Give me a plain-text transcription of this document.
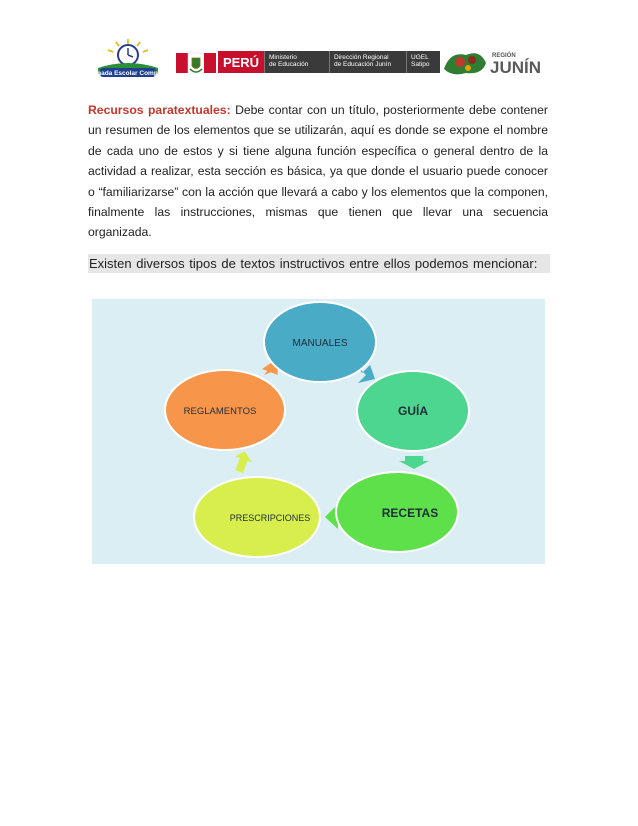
Jornada Escolar Completa
PERÚ	Ministerio
de Educación
Dirección Regional
de Educación Junín
UGEL
Satipo
REGIÓN
JUNÍN

Recursos paratextuales: Debe contar con un título, posteriormente debe contener un resumen de los elementos que se utilizarán, aquí es donde se expone el nombre de cada uno de estos y si tiene alguna función específica o general dentro de la actividad a realizar, esta sección es básica, ya que donde el usuario puede conocer o “familiarizarse” con la acción que llevará a cabo y los elementos que la componen, finalmente las instrucciones, mismas que tienen que llevar una secuencia organizada.

Existen diversos tipos de textos instructivos entre ellos podemos mencionar:
MANUALES
GUÍA
RECETAS
PRESCRIPCIONES
REGLAMENTOS
